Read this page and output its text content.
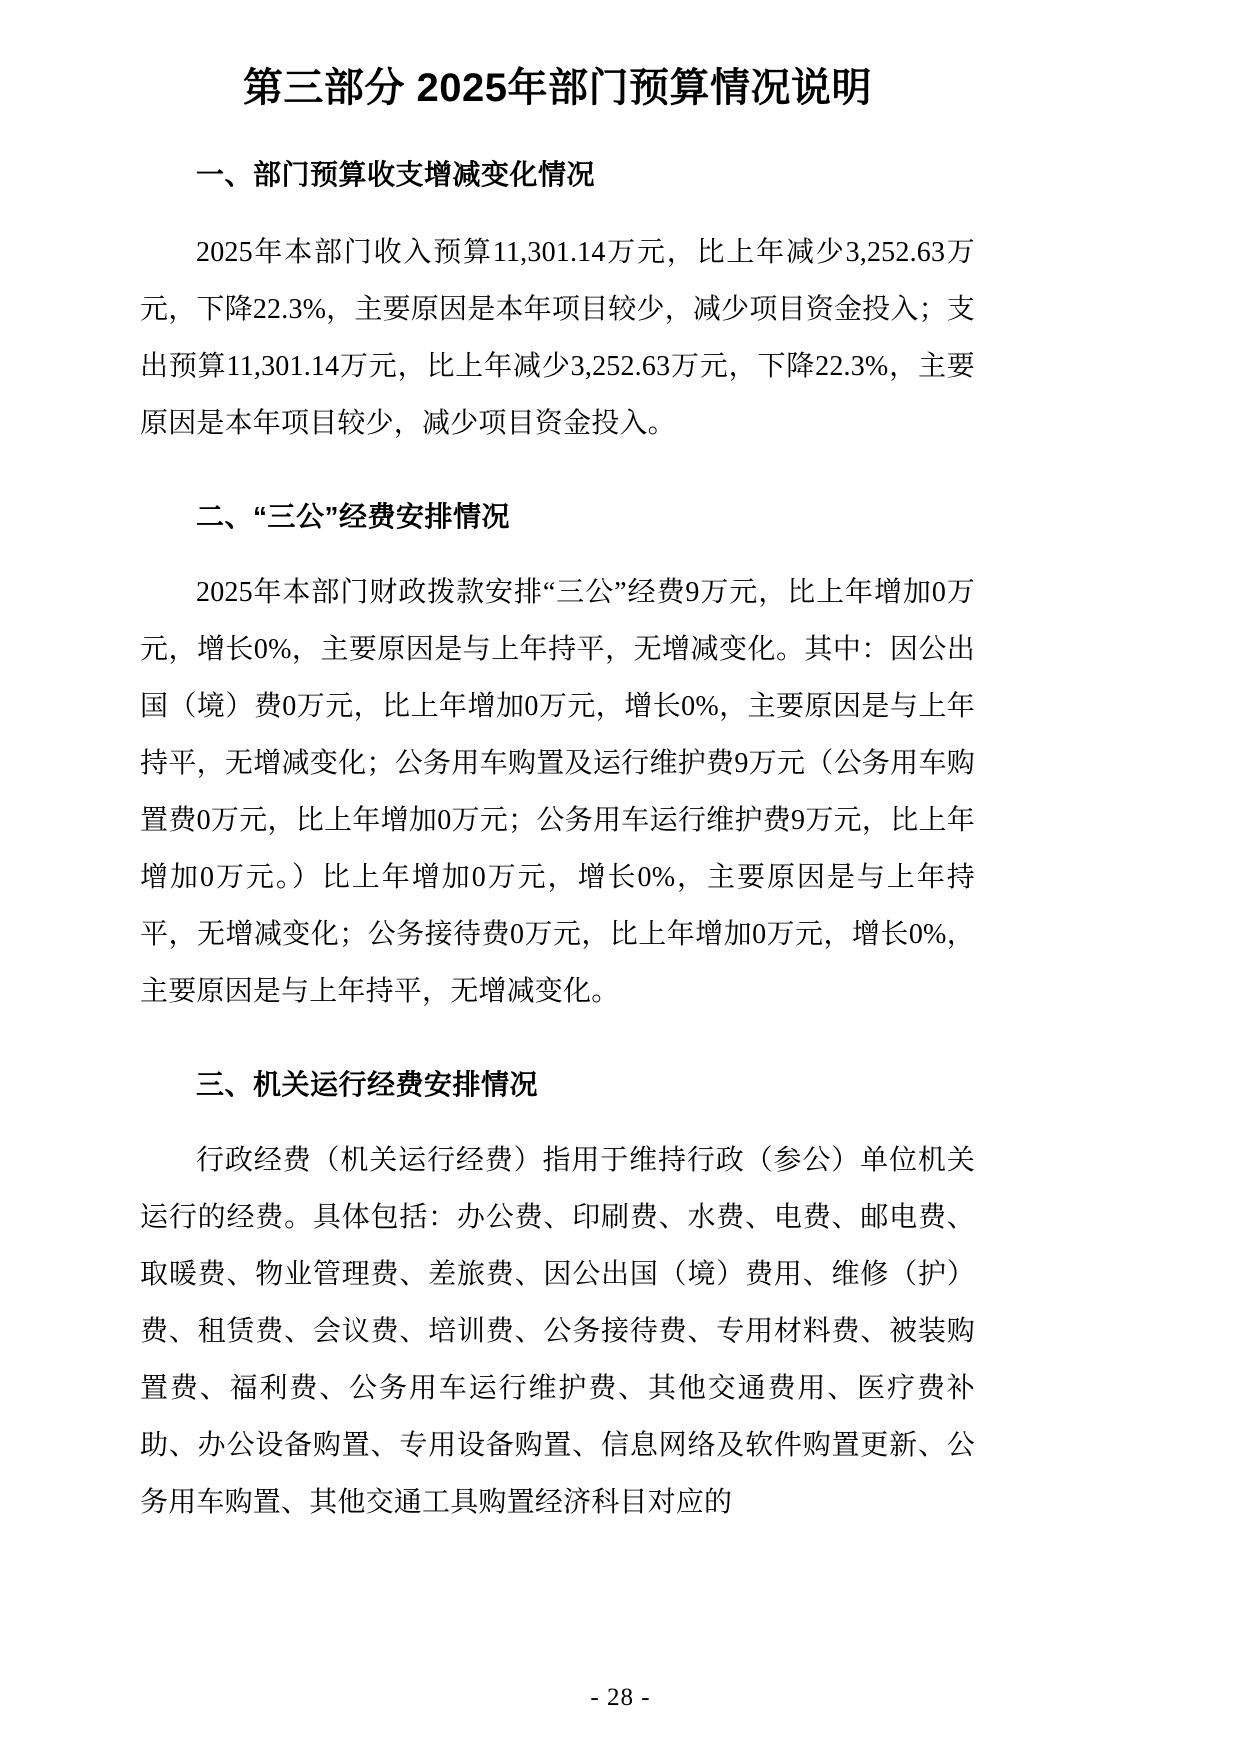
第三部分 2025年部门预算情况说明
一、部门预算收支增减变化情况

2025年本部门收入预算11,301.14万元，比上年减少3,252.63万元，下降22.3%，主要原因是本年项目较少，减少项目资金投入；支出预算11,301.14万元，比上年减少3,252.63万元，下降22.3%，主要原因是本年项目较少，减少项目资金投入。

二、“三公”经费安排情况

2025年本部门财政拨款安排“三公”经费9万元，比上年增加0万元，增长0%，主要原因是与上年持平，无增减变化。其中：因公出国（境）费0万元，比上年增加0万元，增长0%，主要原因是与上年持平，无增减变化；公务用车购置及运行维护费9万元（公务用车购置费0万元，比上年增加0万元；公务用车运行维护费9万元，比上年增加0万元。）比上年增加0万元，增长0%，主要原因是与上年持平，无增减变化；公务接待费0万元，比上年增加0万元，增长0%，主要原因是与上年持平，无增减变化。

三、机关运行经费安排情况

行政经费（机关运行经费）指用于维持行政（参公）单位机关运行的经费。具体包括：办公费、印刷费、水费、电费、邮电费、取暖费、物业管理费、差旅费、因公出国（境）费用、维修（护）费、租赁费、会议费、培训费、公务接待费、专用材料费、被装购置费、福利费、公务用车运行维护费、其他交通费用、医疗费补助、办公设备购置、专用设备购置、信息网络及软件购置更新、公务用车购置、其他交通工具购置经济科目对应的

- 28 -
